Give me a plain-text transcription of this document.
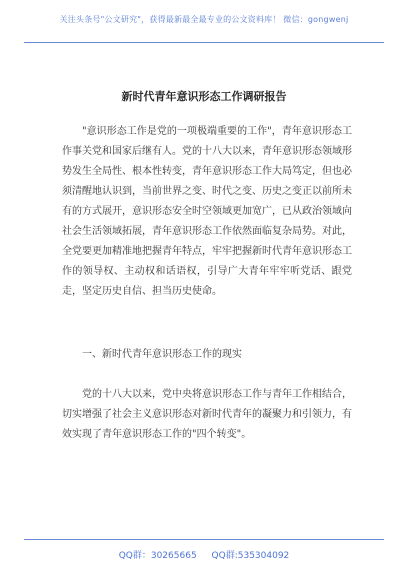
关注头条号"公文研究"，获得最新最全最专业的公文资料库！ 微信：gongwenj
新时代青年意识形态工作调研报告

"意识形态工作是党的一项极端重要的工作"，青年意识形态工作事关党和国家后继有人。党的十八大以来，青年意识形态领域形势发生全局性、根本性转变，青年意识形态工作大局笃定，但也必须清醒地认识到，当前世界之变、时代之变、历史之变正以前所未有的方式展开，意识形态安全时空领域更加宽广，已从政治领域向社会生活领域拓展，青年意识形态工作依然面临复杂局势。对此，全党要更加精准地把握青年特点，牢牢把握新时代青年意识形态工作的领导权、主动权和话语权，引导广大青年牢牢听党话、跟党走，坚定历史自信、担当历史使命。

一、新时代青年意识形态工作的现实

党的十八大以来，党中央将意识形态工作与青年工作相结合，切实增强了社会主义意识形态对新时代青年的凝聚力和引领力，有效实现了青年意识形态工作的"四个转变"。

QQ群：30265665 QQ群:535304092
